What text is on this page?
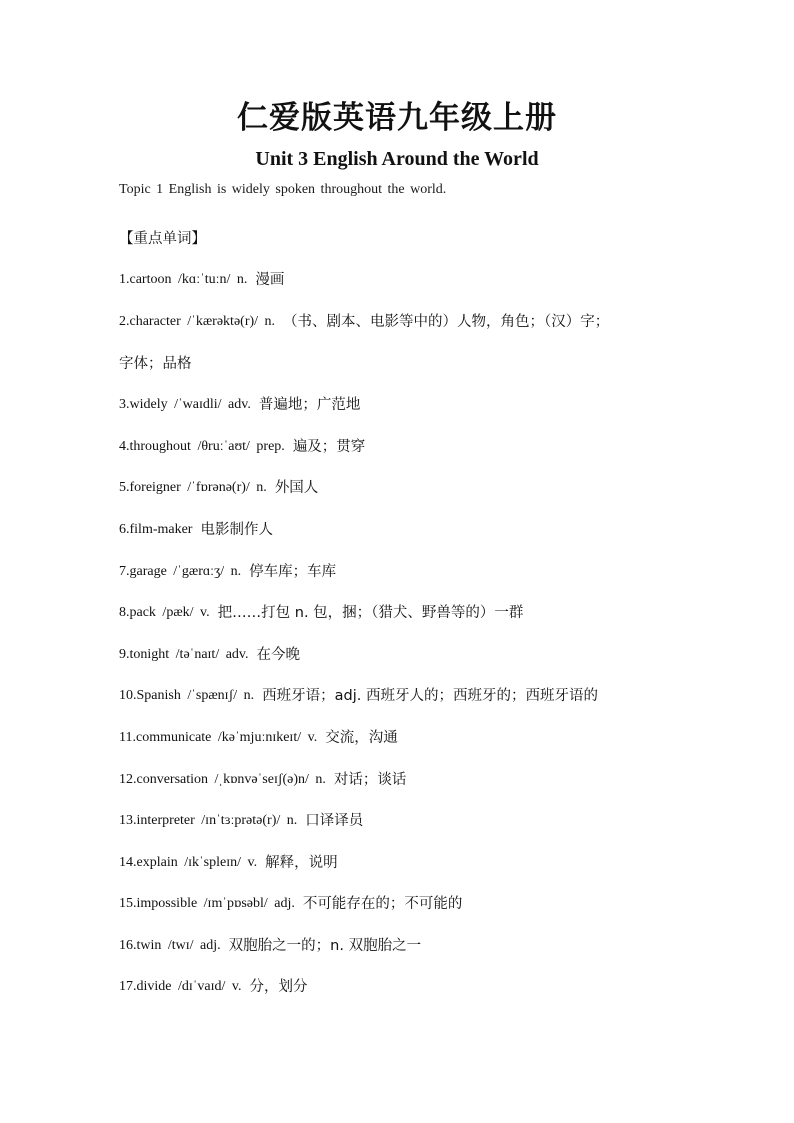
仁爱版英语九年级上册
Unit 3 English Around the World
Topic 1 English is widely spoken throughout the world.
【重点单词】
1.cartoon /kɑːˈtuːn/ n. 漫画
2.character /ˈkærəktə(r)/ n. （书、剧本、电影等中的）人物，角色；（汉）字；
字体；品格
3.widely /ˈwaɪdli/ adv. 普遍地；广范地
4.throughout /θruːˈaʊt/ prep. 遍及；贯穿
5.foreigner /ˈfɒrənə(r)/ n. 外国人
6.film-maker 电影制作人
7.garage /ˈgærɑːʒ/ n. 停车库；车库
8.pack /pæk/ v. 把……打包 n. 包，捆；（猎犬、野兽等的）一群
9.tonight /təˈnaɪt/ adv. 在今晚
10.Spanish /ˈspænɪʃ/ n. 西班牙语；adj. 西班牙人的；西班牙的；西班牙语的
11.communicate /kəˈmjuːnɪkeɪt/ v. 交流，沟通
12.conversation /ˌkɒnvəˈseɪʃ(ə)n/ n. 对话；谈话
13.interpreter /ɪnˈtɜːprətə(r)/ n. 口译译员
14.explain /ɪkˈspleɪn/ v. 解释，说明
15.impossible /ɪmˈpɒsəbl/ adj. 不可能存在的；不可能的
16.twin /twɪ/ adj. 双胞胎之一的；n. 双胞胎之一
17.divide /dɪˈvaɪd/ v. 分，划分
